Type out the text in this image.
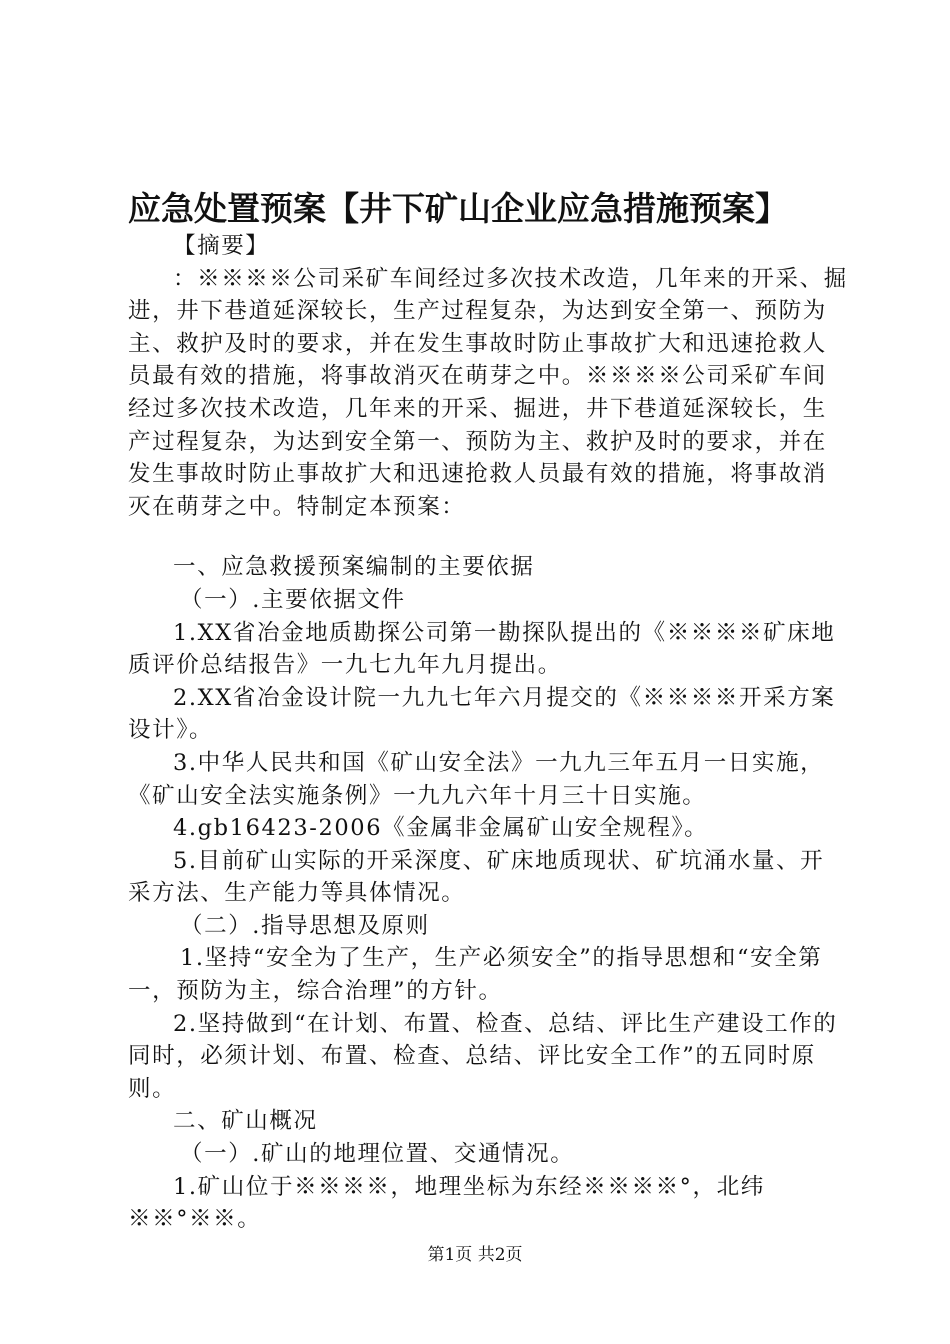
应急处置预案【井下矿山企业应急措施预案】

【摘要】

：※※※※公司采矿车间经过多次技术改造，几年来的开采、掘进，井下巷道延深较长，生产过程复杂，为达到安全第一、预防为主、救护及时的要求，并在发生事故时防止事故扩大和迅速抢救人员最有效的措施，将事故消灭在萌芽之中。※※※※公司采矿车间经过多次技术改造，几年来的开采、掘进，井下巷道延深较长，生产过程复杂，为达到安全第一、预防为主、救护及时的要求，并在发生事故时防止事故扩大和迅速抢救人员最有效的措施，将事故消灭在萌芽之中。特制定本预案：

一、应急救援预案编制的主要依据

（一）.主要依据文件

1.XX省冶金地质勘探公司第一勘探队提出的《※※※※矿床地质评价总结报告》一九七九年九月提出。

2.XX省冶金设计院一九九七年六月提交的《※※※※开采方案设计》。

3.中华人民共和国《矿山安全法》一九九三年五月一日实施，《矿山安全法实施条例》一九九六年十月三十日实施。

4.gb16423-2006《金属非金属矿山安全规程》。

5.目前矿山实际的开采深度、矿床地质现状、矿坑涌水量、开采方法、生产能力等具体情况。

（二）.指导思想及原则

1.坚持“安全为了生产，生产必须安全”的指导思想和“安全第一，预防为主，综合治理”的方针。

2.坚持做到“在计划、布置、检查、总结、评比生产建设工作的同时，必须计划、布置、检查、总结、评比安全工作”的五同时原则。

二、矿山概况

（一）.矿山的地理位置、交通情况。

1.矿山位于※※※※，地理坐标为东经※※※※°，北纬※※°※※。

第1页 共2页
